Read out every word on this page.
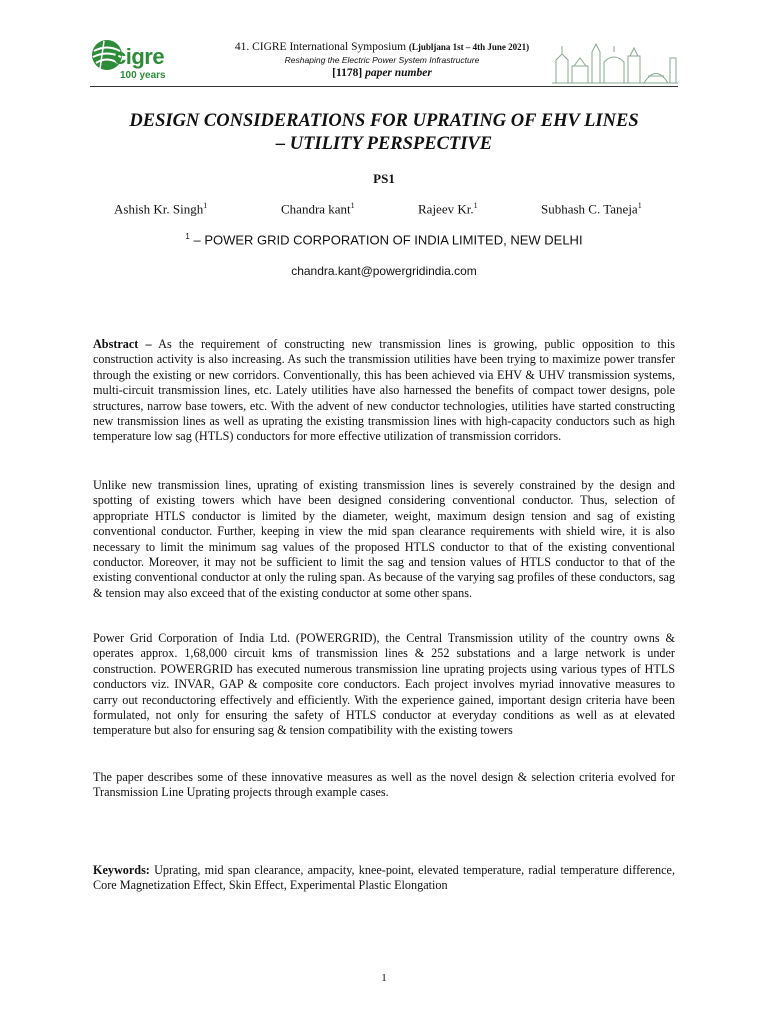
cigre
100 years
41. CIGRE International Symposium (Ljubljana 1st – 4th June 2021)
Reshaping the Electric Power System Infrastructure
[1178] paper number
DESIGN CONSIDERATIONS FOR UPRATING OF EHV LINES
– UTILITY PERSPECTIVE
PS1
Ashish Kr. Singh$^1$	Chandra kant$^1$	Rajeev Kr.$^1$	Subhash C. Taneja$^1$
$^1$ – POWER GRID CORPORATION OF INDIA LIMITED, NEW DELHI
chandra.kant@powergridindia.com

Abstract – As the requirement of constructing new transmission lines is growing, public opposition to this construction activity is also increasing. As such the transmission utilities have been trying to maximize power transfer through the existing or new corridors. Conventionally, this has been achieved via EHV & UHV transmission systems, multi-circuit transmission lines, etc. Lately utilities have also harnessed the benefits of compact tower designs, pole structures, narrow base towers, etc. With the advent of new conductor technologies, utilities have started constructing new transmission lines as well as uprating the existing transmission lines with high-capacity conductors such as high temperature low sag (HTLS) conductors for more effective utilization of transmission corridors.

Unlike new transmission lines, uprating of existing transmission lines is severely constrained by the design and spotting of existing towers which have been designed considering conventional conductor. Thus, selection of appropriate HTLS conductor is limited by the diameter, weight, maximum design tension and sag of existing conventional conductor. Further, keeping in view the mid span clearance requirements with shield wire, it is also necessary to limit the minimum sag values of the proposed HTLS conductor to that of the existing conventional conductor. Moreover, it may not be sufficient to limit the sag and tension values of HTLS conductor to that of the existing conventional conductor at only the ruling span. As because of the varying sag profiles of these conductors, sag & tension may also exceed that of the existing conductor at some other spans.

Power Grid Corporation of India Ltd. (POWERGRID), the Central Transmission utility of the country owns & operates approx. 1,68,000 circuit kms of transmission lines & 252 substations and a large network is under construction. POWERGRID has executed numerous transmission line uprating projects using various types of HTLS conductors viz. INVAR, GAP & composite core conductors. Each project involves myriad innovative measures to carry out reconductoring effectively and efficiently. With the experience gained, important design criteria have been formulated, not only for ensuring the safety of HTLS conductor at everyday conditions as well as at elevated temperature but also for ensuring sag & tension compatibility with the existing towers

The paper describes some of these innovative measures as well as the novel design & selection criteria evolved for Transmission Line Uprating projects through example cases.

Keywords: Uprating, mid span clearance, ampacity, knee-point, elevated temperature, radial temperature difference, Core Magnetization Effect, Skin Effect, Experimental Plastic Elongation

1
